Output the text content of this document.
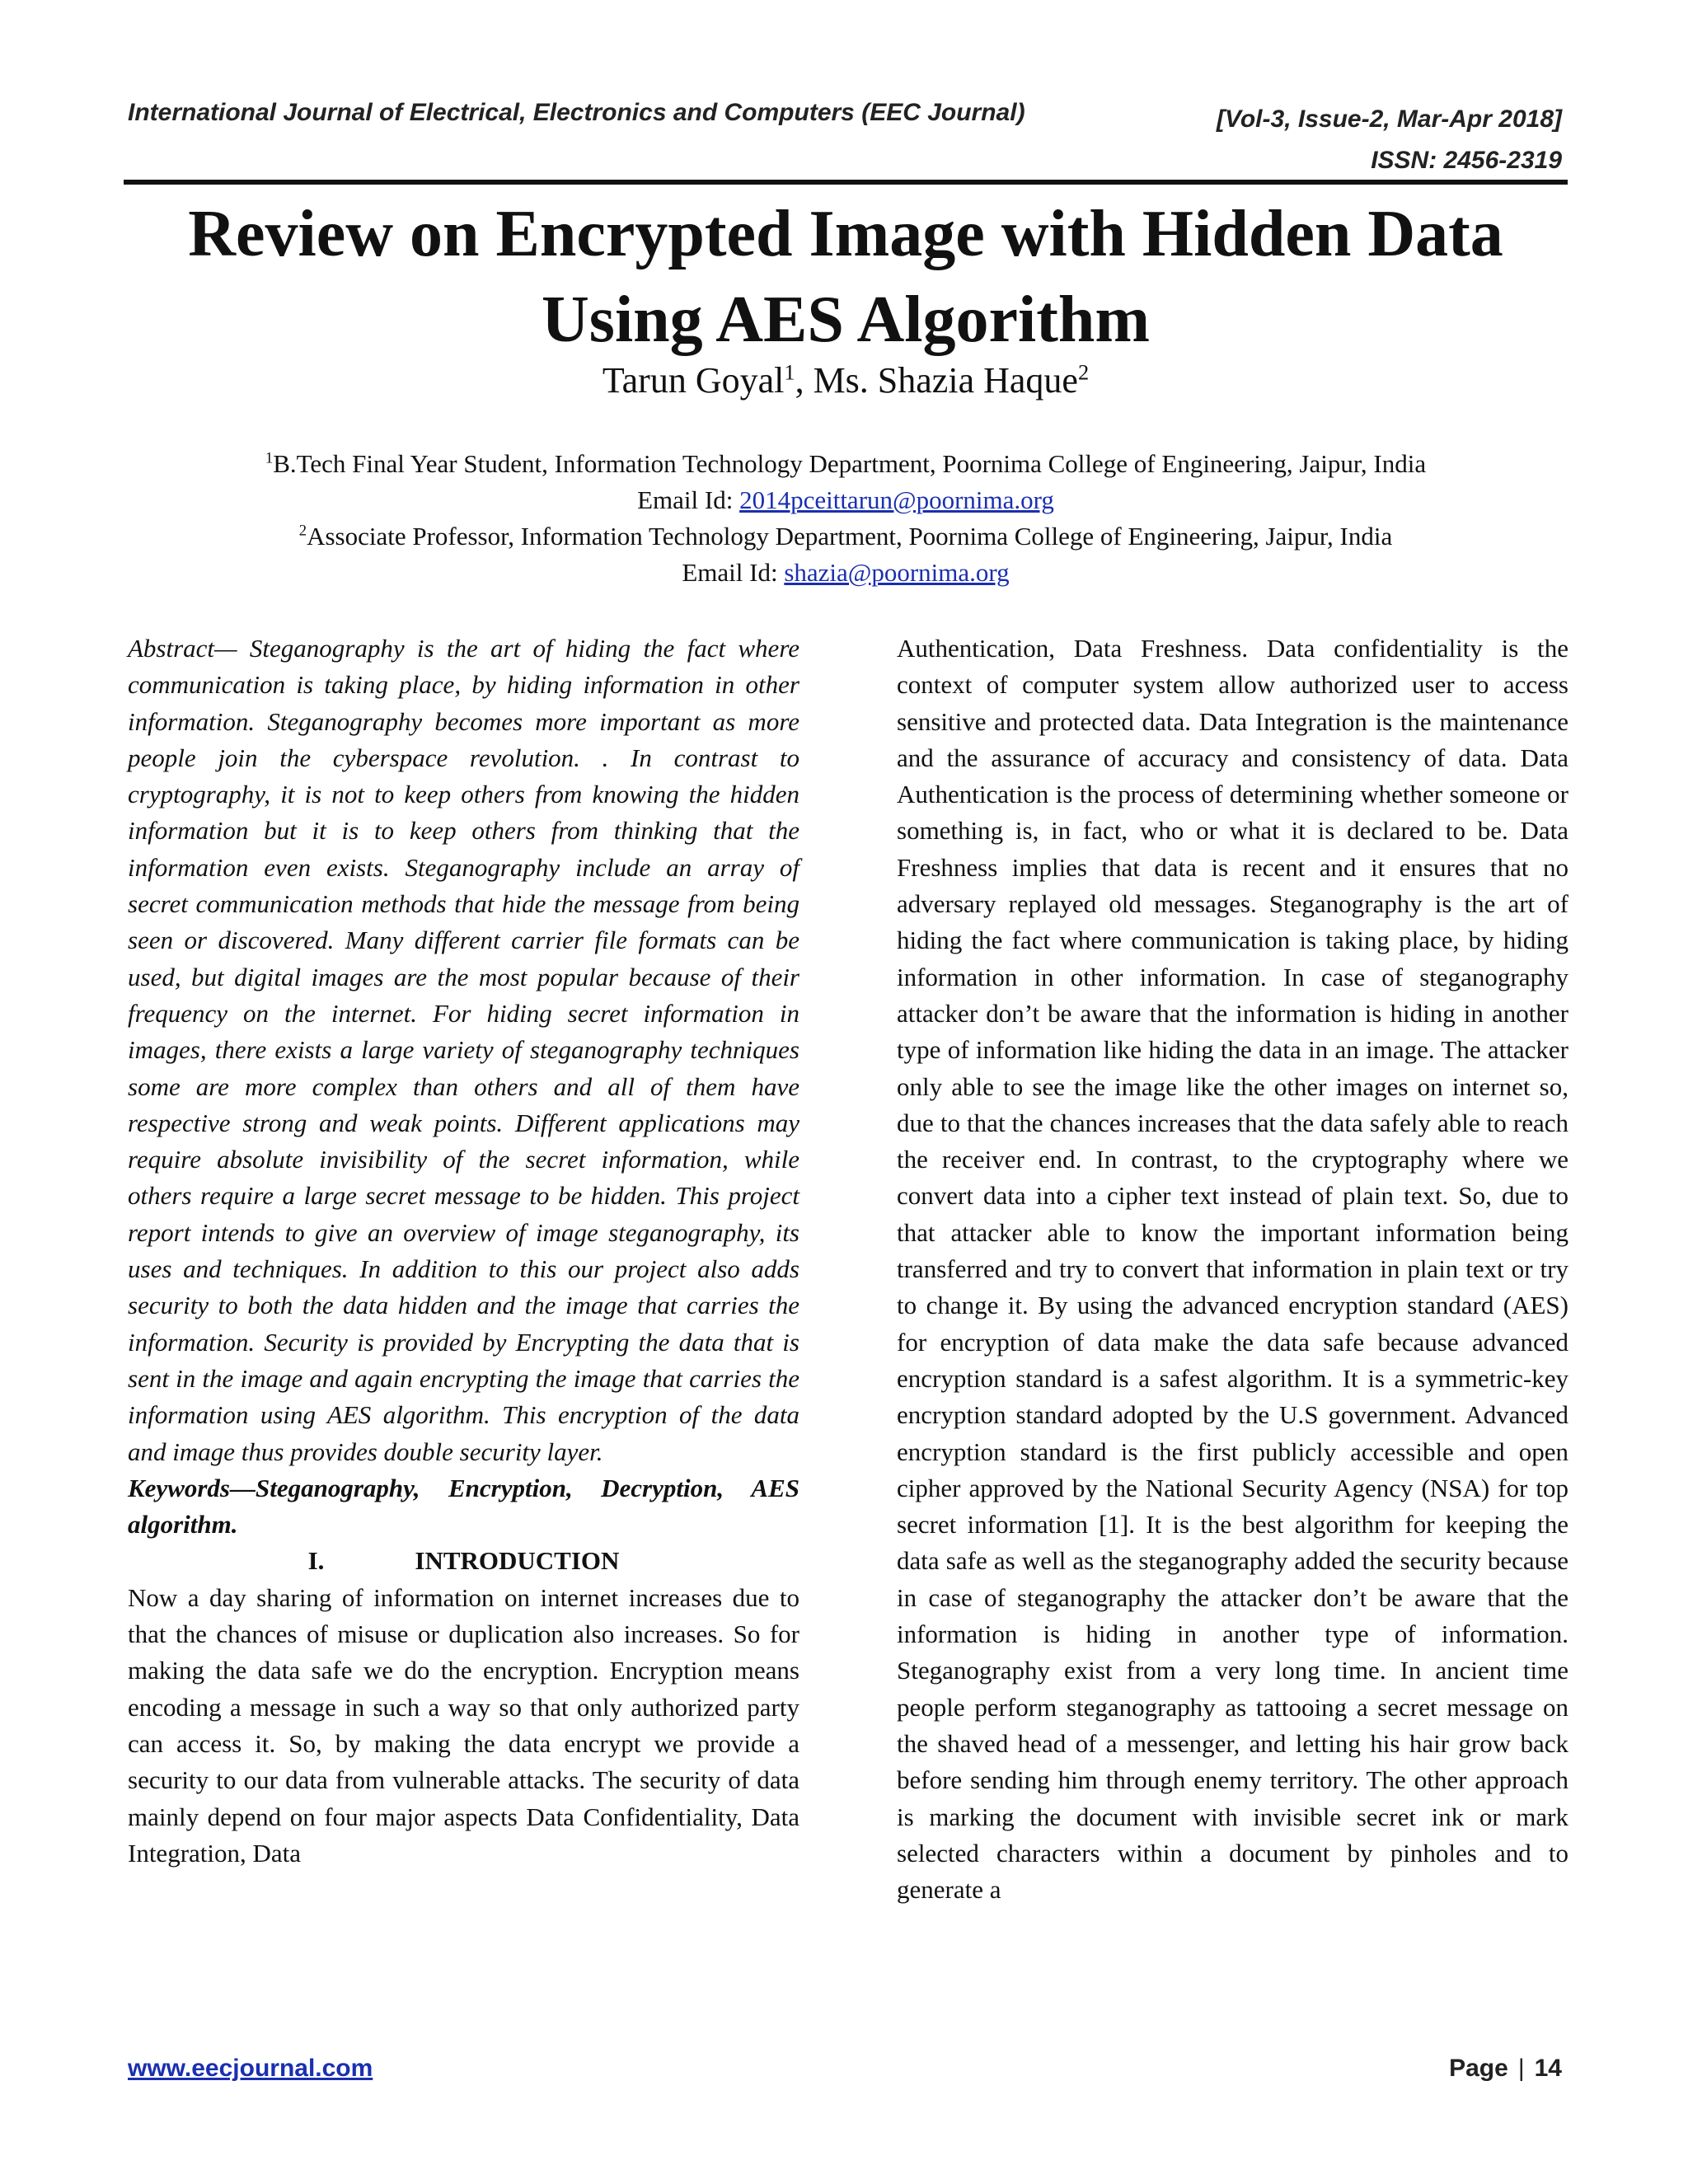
International Journal of Electrical, Electronics and Computers (EEC Journal)	[Vol-3, Issue-2, Mar-Apr 2018]
ISSN: 2456-2319
Review on Encrypted Image with Hidden Data
Using AES Algorithm
Tarun Goyal$^1$, Ms. Shazia Haque$^2$
$^1$B.Tech Final Year Student, Information Technology Department, Poornima College of Engineering, Jaipur, India
Email Id: 2014pceittarun@poornima.org
$^2$Associate Professor, Information Technology Department, Poornima College of Engineering, Jaipur, India
Email Id: shazia@poornima.org

Abstract— Steganography is the art of hiding the fact where communication is taking place, by hiding information in other information. Steganography becomes more important as more people join the cyberspace revolution. . In contrast to cryptography, it is not to keep others from knowing the hidden information but it is to keep others from thinking that the information even exists. Steganography include an array of secret communication methods that hide the message from being seen or discovered. Many different carrier file formats can be used, but digital images are the most popular because of their frequency on the internet. For hiding secret information in images, there exists a large variety of steganography techniques some are more complex than others and all of them have respective strong and weak points. Different applications may require absolute invisibility of the secret information, while others require a large secret message to be hidden. This project report intends to give an overview of image steganography, its uses and techniques. In addition to this our project also adds security to both the data hidden and the image that carries the information. Security is provided by Encrypting the data that is sent in the image and again encrypting the image that carries the information using AES algorithm. This encryption of the data and image thus provides double security layer.

Keywords—Steganography, Encryption, Decryption, AES algorithm.

I.	INTRODUCTION

Now a day sharing of information on internet increases due to that the chances of misuse or duplication also increases. So for making the data safe we do the encryption. Encryption means encoding a message in such a way so that only authorized party can access it. So, by making the data encrypt we provide a security to our data from vulnerable attacks. The security of data mainly depend on four major aspects Data Confidentiality, Data Integration, Data

Authentication, Data Freshness. Data confidentiality is the context of computer system allow authorized user to access sensitive and protected data. Data Integration is the maintenance and the assurance of accuracy and consistency of data. Data Authentication is the process of determining whether someone or something is, in fact, who or what it is declared to be. Data Freshness implies that data is recent and it ensures that no adversary replayed old messages. Steganography is the art of hiding the fact where communication is taking place, by hiding information in other information. In case of steganography attacker don’t be aware that the information is hiding in another type of information like hiding the data in an image. The attacker only able to see the image like the other images on internet so, due to that the chances increases that the data safely able to reach the receiver end. In contrast, to the cryptography where we convert data into a cipher text instead of plain text. So, due to that attacker able to know the important information being transferred and try to convert that information in plain text or try to change it. By using the advanced encryption standard (AES) for encryption of data make the data safe because advanced encryption standard is a safest algorithm. It is a symmetric-key encryption standard adopted by the U.S government. Advanced encryption standard is the first publicly accessible and open cipher approved by the National Security Agency (NSA) for top secret information [1]. It is the best algorithm for keeping the data safe as well as the steganography added the security because in case of steganography the attacker don’t be aware that the information is hiding in another type of information. Steganography exist from a very long time. In ancient time people perform steganography as tattooing a secret message on the shaved head of a messenger, and letting his hair grow back before sending him through enemy territory. The other approach is marking the document with invisible secret ink or mark selected characters within a document by pinholes and to generate a

www.eecjournal.com	Page | 14
